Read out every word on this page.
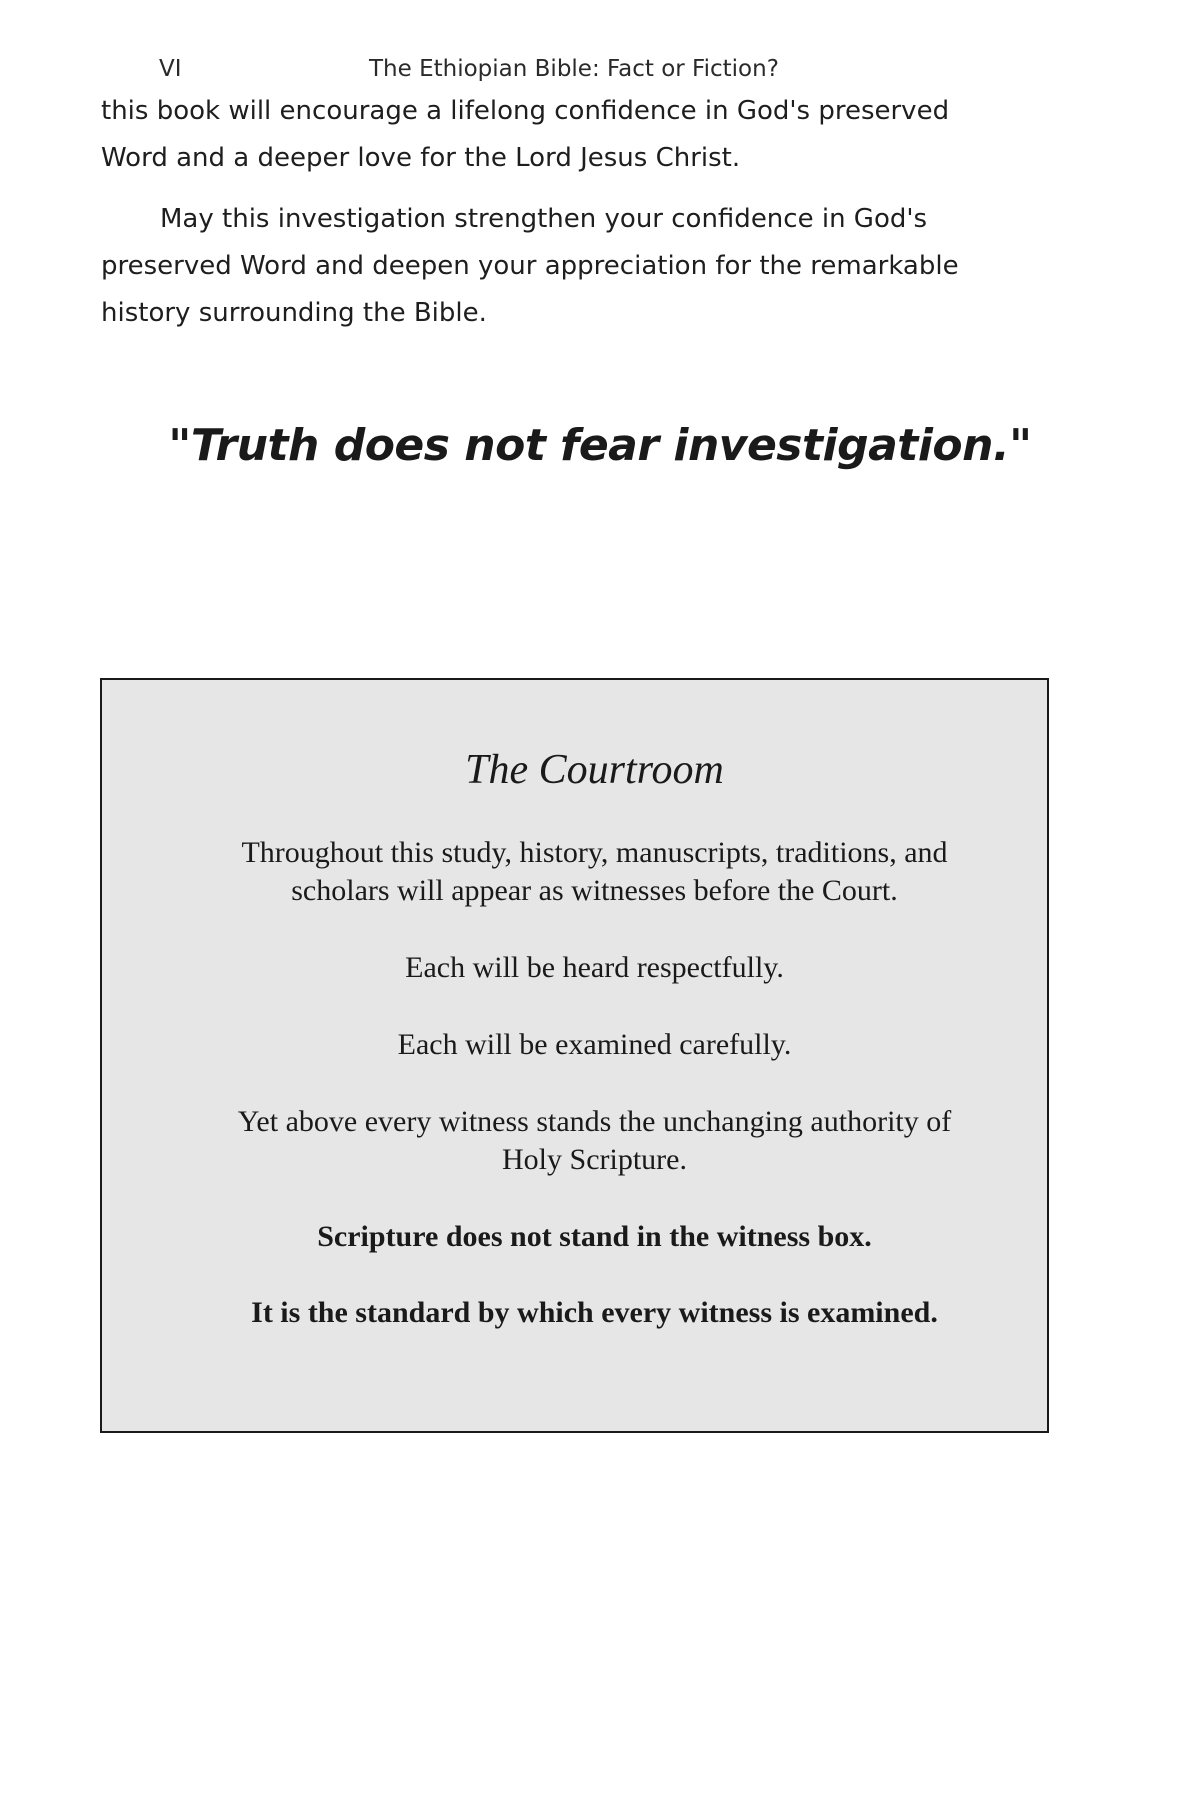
VI	The Ethiopian Bible: Fact or Fiction?

this book will encourage a lifelong confidence in God's preserved Word and a deeper love for the Lord Jesus Christ.

May this investigation strengthen your confidence in God's preserved Word and deepen your appreciation for the remarkable history surrounding the Bible.

"Truth does not fear investigation."
The Courtroom
Throughout this study, history, manuscripts, traditions, and
scholars will appear as witnesses before the Court.
Each will be heard respectfully.
Each will be examined carefully.
Yet above every witness stands the unchanging authority of
Holy Scripture.
Scripture does not stand in the witness box.
It is the standard by which every witness is examined.
